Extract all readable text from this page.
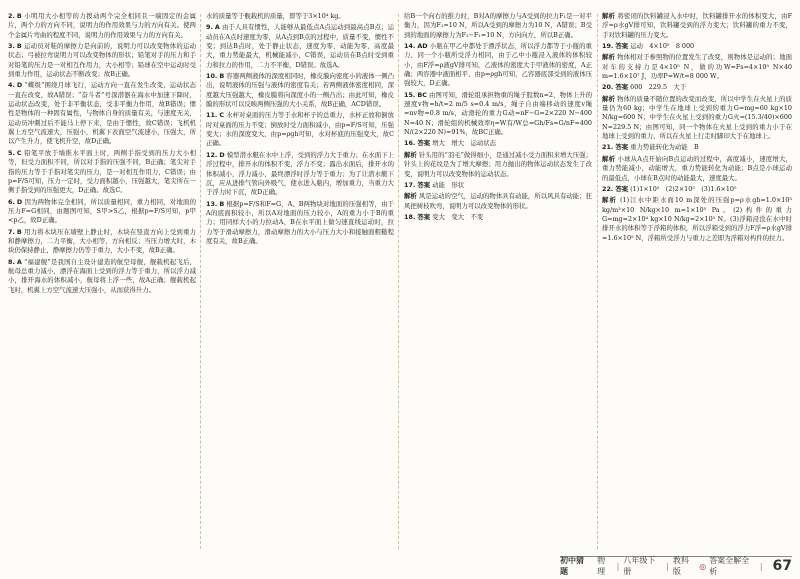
2. B 小明用大小相等的力拨动两个完全相同且一端固定的金属片，两个力的方向不同，说明力的作用效果与力的方向有关。使两个金属片弯曲的程度不同，说明力的作用效果与力的方向有关。
3. B 运动员对鞋的摩擦力是向前的，说明力可以改变物体的运动状态；弓被拉弯说明力可以改变物体的形状；铅笔对手的压力和手对铅笔的压力是一对相互作用力，大小相等；铅球在空中运动时受到重力作用，运动状态不断改变；故B正确。
4. D “蝶级”围绕月球飞行，运动方向一直在发生改变，运动状态一直在改变，故A错误；“奋斗者”号深潜器在海水中加速下降时，运动状态改变，处于非平衡状态，受非平衡力作用，故B错误；惯性是物体的一种固有属性，与物体自身的质量有关，与速度无关，运动员冲刺过后不能马上停下来，是由于惯性，故C错误；飞机机翼上方空气流速大，压强小，机翼下表面空气流速小，压强大，所以产生升力，使飞机升空，故D正确。
5. C 铅笔平放于墙推水平面上时，两侧手指受到的压力大小相等，但受力面积不同，所以对手指的压强不同，B正确；笔尖对手指的压力等于手指对笔尖的压力，是一对相互作用力，C错误；由p=F/S可知，压力一定时，受力面积越小，压强越大，笔尖所在一侧手指受到的压强更大，D正确。故选C。
6. D 因为两物体完全相同，所以质量相同，重力相同，对地面的压力F=G相同，由题图可知，S甲>S乙，根据p=F/S可知，p甲<p乙，故D正确。
7. B 用力将木块压在墙壁上静止时，木块在竖直方向上受到重力和静摩擦力，二力平衡，大小相等，方向相反；当压力增大时，木块仍保持静止，静摩擦力仍等于重力，大小不变，故B正确。
8. A “福建舰”是我国自主设计建造的航空母舰，舰载机起飞后，航母总重力减小，漂浮在海面上受到的浮力等于重力，所以浮力减小，排开海水的体积减小，航母将上浮一些，故A正确；舰载机起飞时，机翼上方空气流速大压强小，从而获得升力。
水的质量等于舰载机的质量，即等于3×10⁴ kg。
9. A 由于人具有惯性，人能够从最低点A点运动到最高点B点；运动员在A点时速度为零，从A点到B点的过程中，质量不变，惯性不变；到达B点时，处于静止状态，速度为零，动能为零，高度最大，重力势能最大，机械能减小，C错误，运动员在B点时受到重力和拉力的作用，二力不平衡，D错误。故选A。
10. B 容器两侧液体的深度相同时，橡皮膜向密度小的液体一侧凸出，说明液体的压强与液体的密度有关；若两侧液体密度相同，深度越大压强越大，橡皮膜将向深度小的一侧凸出；由此可知，橡皮膜的形状可以反映两侧压强的大小关系，故B正确，ACD错误。
11. C 水杯对桌面的压力等于水和杯子的总重力，水杯正放和倒放时对桌面的压力不变；倒放时受力面积减小，由p=F/S可知，压强变大；水的深度变大，由p=ρgh可知，水对杯底的压强变大，故C正确。
12. D 模型潜水艇在水中上浮，受到的浮力大于重力；在水面下上浮过程中，排开水的体积不变，浮力不变；露出水面后，排开水的体积减小，浮力减小，最终漂浮时浮力等于重力；为了让潜水艇下沉，应从进排气管向外吸气，使水进入瓶内，增加重力，当重力大于浮力时下沉，故D正确。
13. B 根据p=F/S和F=G，A、B两物块对地面的压强相等，由于A的底面积较小，所以A对地面的压力较小，A的重力小于B的重力；用同样大小的力拉动A、B在水平面上做匀速直线运动时，拉力等于滑动摩擦力，滑动摩擦力的大小与压力大小和接触面粗糙程度有关，故B正确。
给B一个向右的推力时，B对A的摩擦力与A受到的拉力F₁是一对平衡力，因为F₁=10 N，所以A受到的摩擦力为10 N，A错误；B受到的地面的摩擦力为F₂−F₁=10 N，方向向左，所以B正确。
14. AD 小瓶在甲乙中都处于漂浮状态，所以浮力都等于小瓶的重力，同一个小瓶所受浮力相同，由于乙中小瓶浸入液体的体积较小，由F浮=ρ液gV排可知，乙液体的密度大于甲液体的密度，A正确；两容器中液面相平，由p=ρgh可知，乙容器底部受到的液体压强较大，D正确。
15. BC 由图可知，滑轮组承担物重的绳子股数n=2，物体上升的速度v物=h/t=2 m/5 s=0.4 m/s，绳子自由端移动的速度v绳=nv物=0.8 m/s，动滑轮的重力G动=nF−G=2×220 N−400 N=40 N；滑轮组的机械效率η=W有/W总=Gh/Fs=G/nF=400 N/(2×220 N)≈91%，故BC正确。
16. 答案 增大　增大　运动状态
解析 针头用的“羽毛”做得细小，是通过减小受力面积来增大压强；针头上的花纹是为了增大摩擦；用力抛出的物体运动状态发生了改变，说明力可以改变物体的运动状态。
17. 答案 动能　形状
解析 风是运动的空气，运动的物体具有动能，所以风具有动能；狂风把树枝吹弯，说明力可以改变物体的形状。
18. 答案 变大　变大　不变
解析 将密闭的饮料罐浸入水中时，饮料罐排开水的体积变大，由F浮=ρ水gV排可知，饮料罐受到的浮力变大；饮料罐的重力不变，手对饮料罐的压力变大。
19. 答案 运动　4×10⁵　8 000
解析 物体相对于参照物的位置发生了改变，则物体是运动的；地面对车的支持力是4×10⁵ N，做的功W=Fs=4×10⁵ N×40 m=1.6×10⁷ J，功率P=W/t=8 000 W。
20. 答案 600　229.5　大于
解析 物体的质量不随位置的改变而改变，所以中学生在火星上的质量仍为60 kg；中学生在地球上受到的重力G=mg=60 kg×10 N/kg=600 N；中学生在火星上受到的重力G火=(15.3/40)×600 N=229.5 N；由图可知，同一个物体在火星上受到的重力小于在地球上受到的重力，所以在火星上行走时脚印大于在地球上。
21. 答案 重力势能转化为动能　B
解析 小球从A点开始向B点运动的过程中，高度减小，速度增大，重力势能减小，动能增大，重力势能转化为动能；B点是小球运动的最低点，小球在B点时的动能最大，速度最大。
22. 答案 (1)1×10⁵　(2)2×10⁵　(3)1.6×10⁵
解析 (1)江水中距水面10 m深处的压强p=ρ水gh=1.0×10³ kg/m³×10 N/kg×10 m=1×10⁵ Pa。(2)构件的重力G=mg=2×10⁴ kg×10 N/kg=2×10⁵ N。(3)浮箱浸没在水中时排开水的体积等于浮箱的体积，所以浮箱受到的浮力F浮=ρ水gV排=1.6×10⁵ N，浮箱所受浮力与重力之差即为浮箱对构件的拉力。
初中猜题
物理
|
八年级下册
|
教科版
◎
答案全解全析
| 67
